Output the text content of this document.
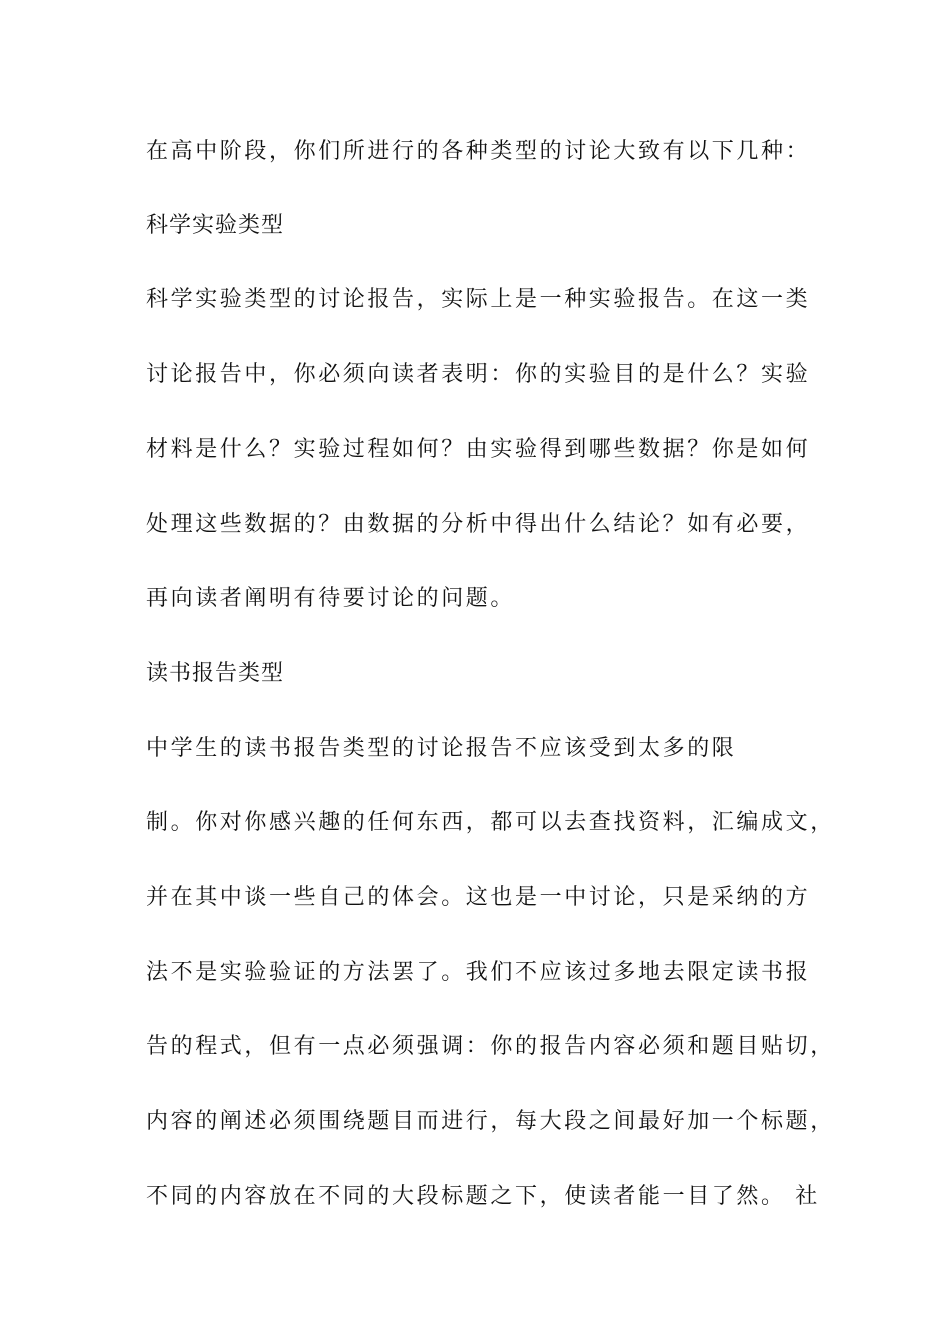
在高中阶段，你们所进行的各种类型的讨论大致有以下几种：
科学实验类型
科学实验类型的讨论报告，实际上是一种实验报告。在这一类
讨论报告中，你必须向读者表明：你的实验目的是什么？实验
材料是什么？实验过程如何？由实验得到哪些数据？你是如何
处理这些数据的？由数据的分析中得出什么结论？如有必要，
再向读者阐明有待要讨论的问题。
读书报告类型
中学生的读书报告类型的讨论报告不应该受到太多的限
制。你对你感兴趣的任何东西，都可以去查找资料，汇编成文，
并在其中谈一些自己的体会。这也是一中讨论，只是采纳的方
法不是实验验证的方法罢了。我们不应该过多地去限定读书报
告的程式，但有一点必须强调：你的报告内容必须和题目贴切，
内容的阐述必须围绕题目而进行，每大段之间最好加一个标题，
不同的内容放在不同的大段标题之下，使读者能一目了然。 社
